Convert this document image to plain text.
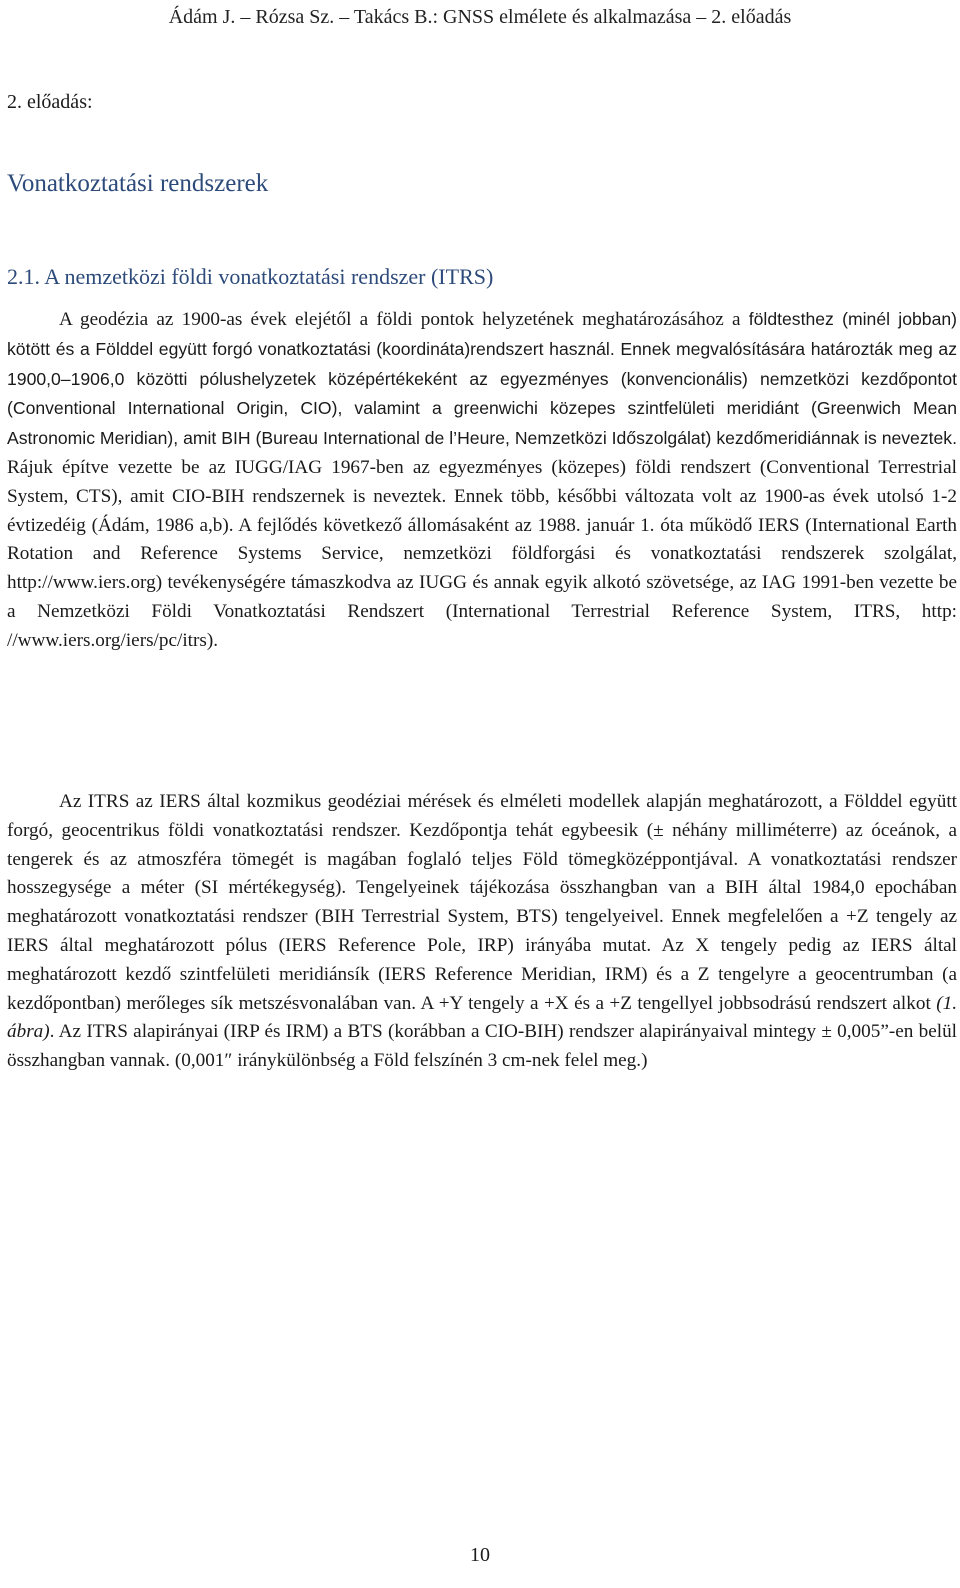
Ádám J. – Rózsa Sz. – Takács B.: GNSS elmélete és alkalmazása – 2. előadás
2. előadás:
Vonatkoztatási rendszerek
2.1. A nemzetközi földi vonatkoztatási rendszer (ITRS)

A geodézia az 1900-as évek elejétől a földi pontok helyzetének meghatározásához a földtesthez (minél jobban) kötött és a Földdel együtt forgó vonatkoztatási (koordináta)rendszert használ. Ennek megvalósítására határozták meg az 1900,0–1906,0 közötti pólushelyzetek középértékeként az egyezményes (konvencionális) nemzetközi kezdőpontot (Conventional International Origin, CIO), valamint a greenwichi közepes szintfelületi meridiánt (Greenwich Mean Astronomic Meridian), amit BIH (Bureau International de l’Heure, Nemzetközi Időszolgálat) kezdőmeridiánnak is neveztek. Rájuk építve vezette be az IUGG/IAG 1967-ben az egyezményes (közepes) földi rendszert (Conventional Terrestrial System, CTS), amit CIO-BIH rendszernek is neveztek. Ennek több, későbbi változata volt az 1900-as évek utolsó 1-2 évtizedéig (Ádám, 1986 a,b). A fejlődés következő állomásaként az 1988. január 1. óta működő IERS (International Earth Rotation and Reference Systems Service, nemzetközi földforgási és vonatkoztatási rendszerek szolgálat, http://www.iers.org) tevékenységére támaszkodva az IUGG és annak egyik alkotó szövetsége, az IAG 1991-ben vezette be a Nemzetközi Földi Vonatkoztatási Rendszert (International Terrestrial Reference System, ITRS, http: //www.iers.org/iers/pc/itrs).

Az ITRS az IERS által kozmikus geodéziai mérések és elméleti modellek alapján meghatározott, a Földdel együtt forgó, geocentrikus földi vonatkoztatási rendszer. Kezdőpontja tehát egybeesik (± néhány milliméterre) az óceánok, a tengerek és az atmoszféra tömegét is magában foglaló teljes Föld tömegközéppontjával. A vonatkoztatási rendszer hosszegysége a méter (SI mértékegység). Tengelyeinek tájékozása összhangban van a BIH által 1984,0 epochában meghatározott vonatkoztatási rendszer (BIH Terrestrial System, BTS) tengelyeivel. Ennek megfelelően a +Z tengely az IERS által meghatározott pólus (IERS Reference Pole, IRP) irányába mutat. Az X tengely pedig az IERS által meghatározott kezdő szintfelületi meridiánsík (IERS Reference Meridian, IRM) és a Z tengelyre a geocentrumban (a kezdőpontban) merőleges sík metszésvonalában van. A +Y tengely a +X és a +Z tengellyel jobbsodrású rendszert alkot (1. ábra). Az ITRS alapirányai (IRP és IRM) a BTS (korábban a CIO-BIH) rendszer alapirányaival mintegy ± 0,005”-en belül összhangban vannak. (0,001″ iránykülönbség a Föld felszínén 3 cm-nek felel meg.)

10
